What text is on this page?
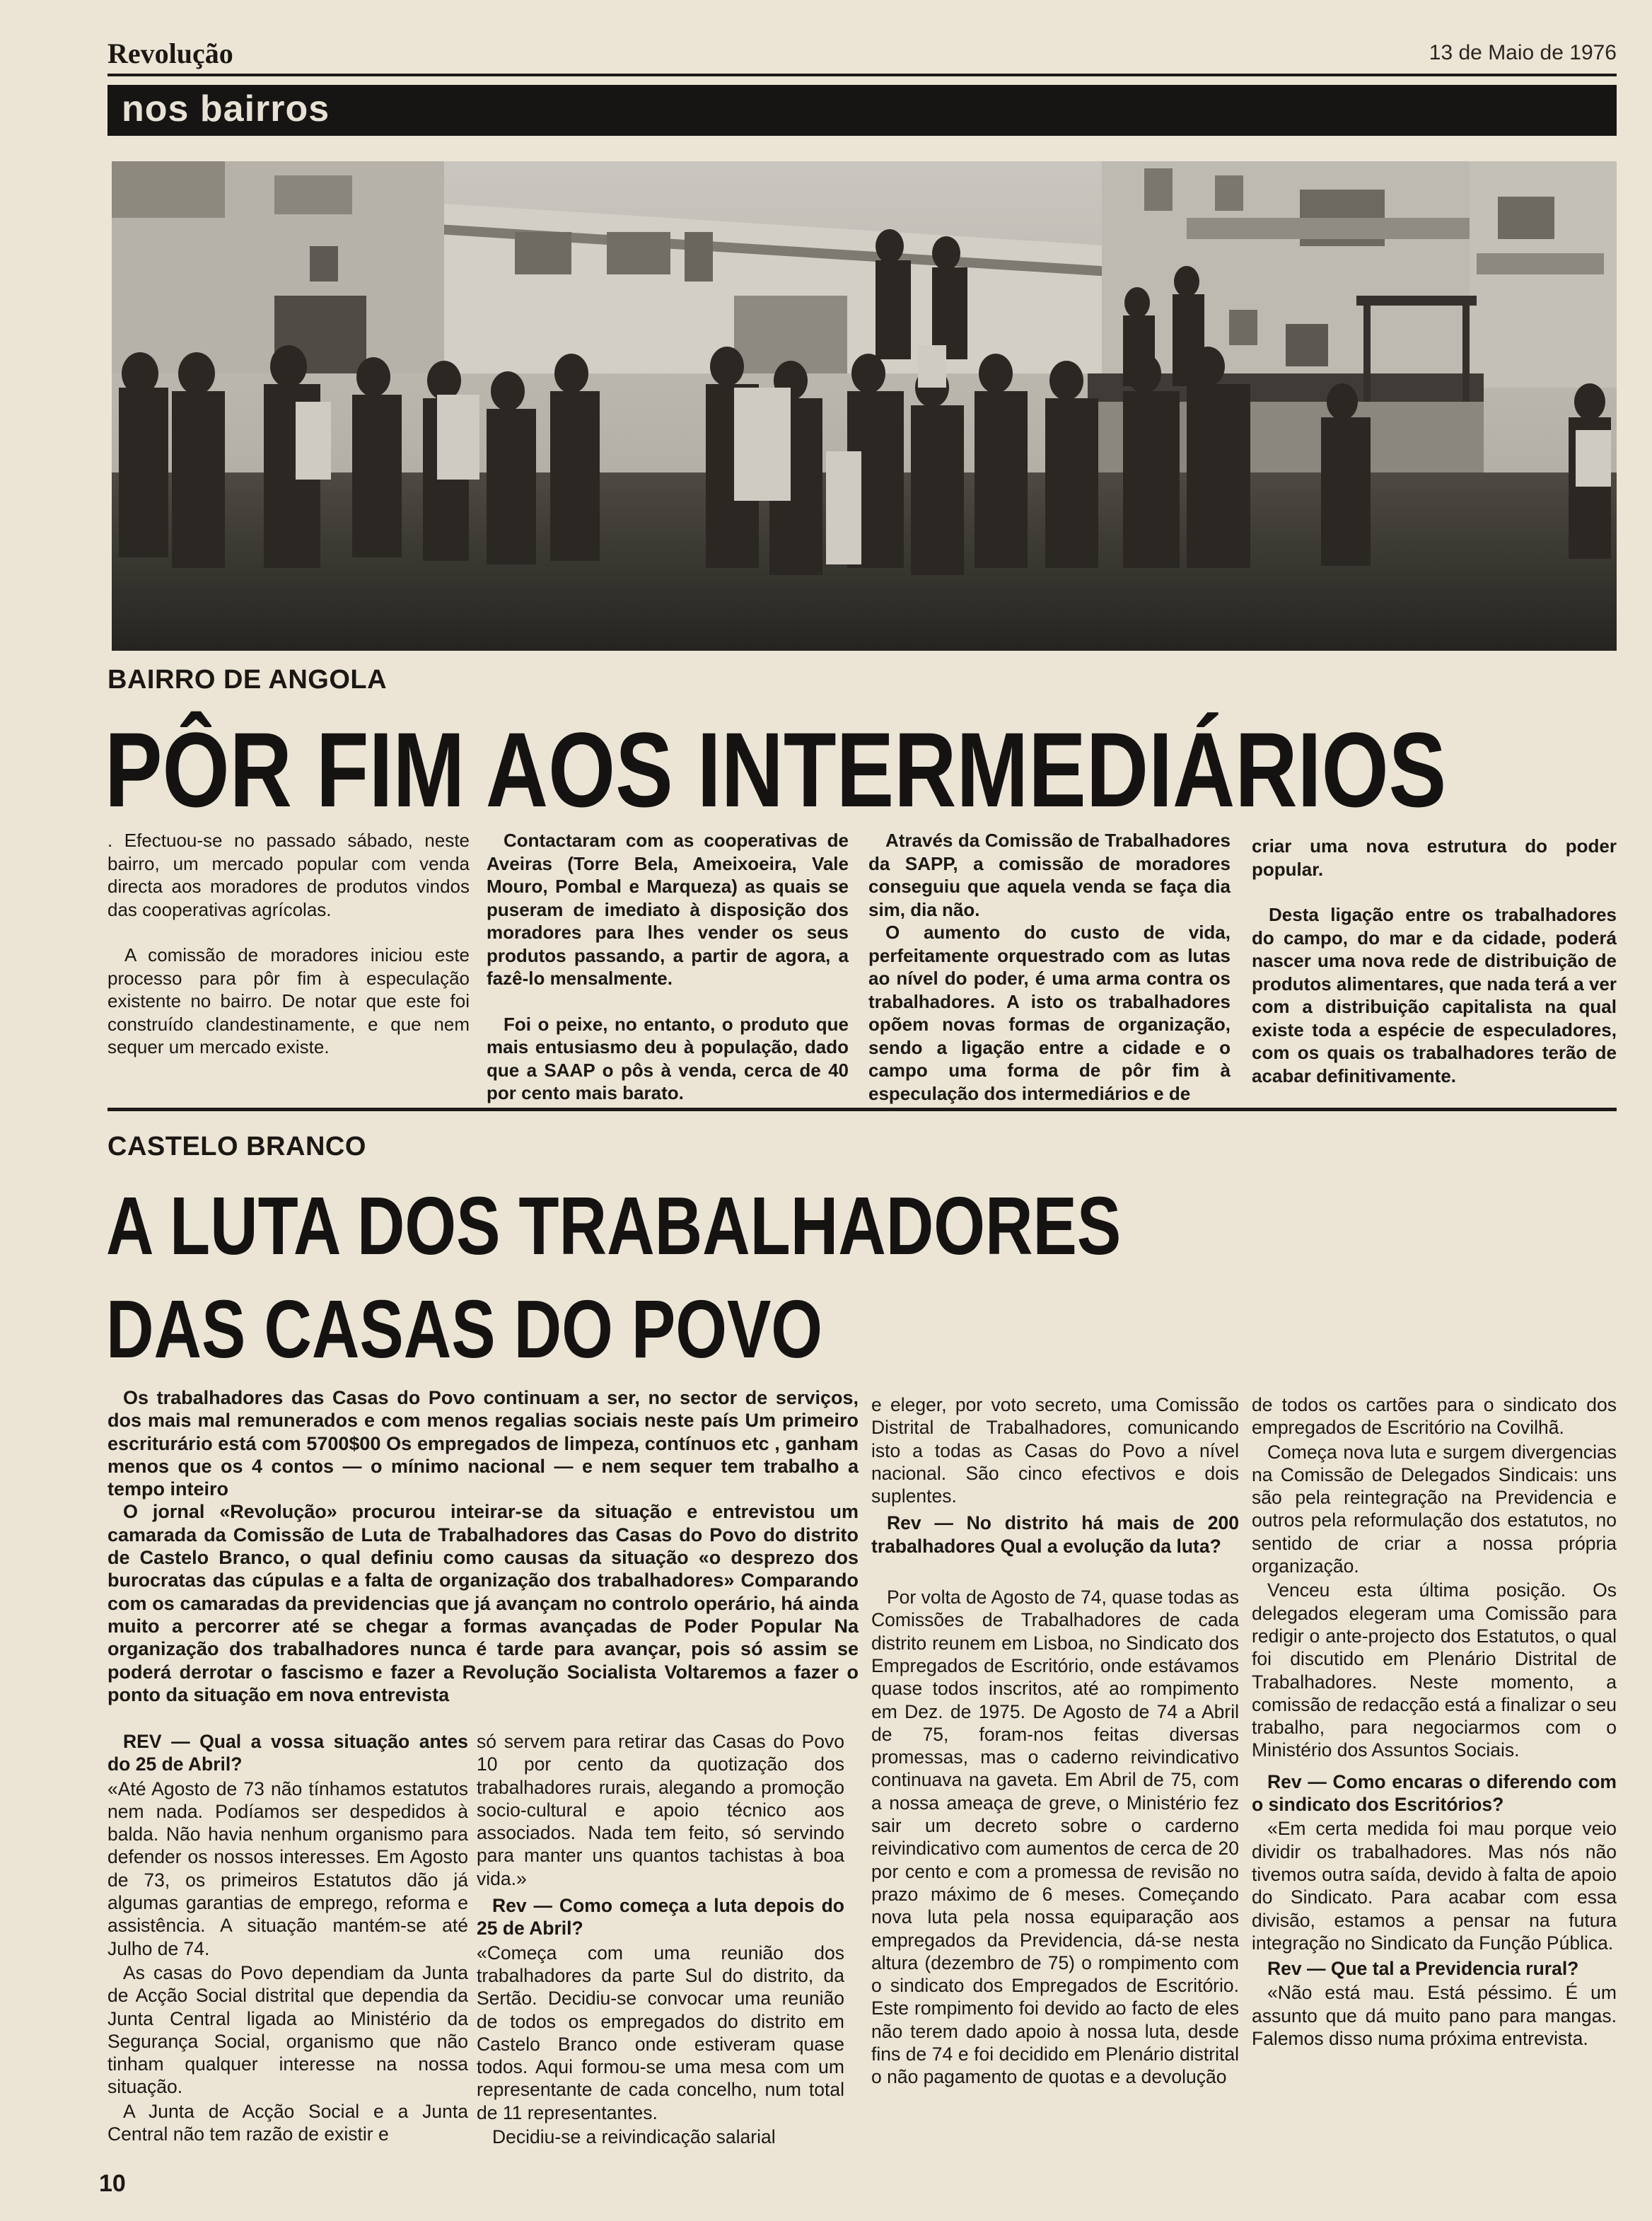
Revolução	13 de Maio de 1976
nos bairros
BAIRRO DE ANGOLA
PÔR FIM AOS INTERMEDIÁRIOS

. Efectuou-se no passado sábado, neste bairro, um mercado popular com venda directa aos moradores de produtos vindos das cooperativas agrícolas.

A comissão de moradores iniciou este processo para pôr fim à especulação existente no bairro. De notar que este foi construído clandestinamente, e que nem sequer um mercado existe.

Contactaram com as cooperativas de Aveiras (Torre Bela, Ameixoeira, Vale Mouro, Pombal e Marqueza) as quais se puseram de imediato à disposição dos moradores para lhes vender os seus produtos passando, a partir de agora, a fazê-lo mensalmente.

Foi o peixe, no entanto, o produto que mais entusiasmo deu à população, dado que a SAAP o pôs à venda, cerca de 40 por cento mais barato.

Através da Comissão de Trabalhadores da SAPP, a comissão de moradores conseguiu que aquela venda se faça dia sim, dia não.

O aumento do custo de vida, perfeitamente orquestrado com as lutas ao nível do poder, é uma arma contra os trabalhadores. A isto os trabalhadores opõem novas formas de organização, sendo a ligação entre a cidade e o campo uma forma de pôr fim à especulação dos intermediários e de

criar uma nova estrutura do poder popular.

Desta ligação entre os trabalhadores do campo, do mar e da cidade, poderá nascer uma nova rede de distribuição de produtos alimentares, que nada terá a ver com a distribuição capitalista na qual existe toda a espécie de especuladores, com os quais os trabalhadores terão de acabar definitivamente.

CASTELO BRANCO
A LUTA DOS TRABALHADORES
DAS CASAS DO POVO

Os trabalhadores das Casas do Povo continuam a ser, no sector de serviços, dos mais mal remunerados e com menos regalias sociais neste país Um primeiro escriturário está com 5700$00 Os empregados de limpeza, contínuos etc , ganham menos que os 4 contos — o mínimo nacional — e nem sequer tem trabalho a tempo inteiro

O jornal «Revolução» procurou inteirar-se da situação e entrevistou um camarada da Comissão de Luta de Trabalhadores das Casas do Povo do distrito de Castelo Branco, o qual definiu como causas da situação «o desprezo dos burocratas das cúpulas e a falta de organização dos trabalhadores» Comparando com os camaradas da previdencias que já avançam no controlo operário, há ainda muito a percorrer até se chegar a formas avançadas de Poder Popular Na organização dos trabalhadores nunca é tarde para avançar, pois só assim se poderá derrotar o fascismo e fazer a Revolução Socialista Voltaremos a fazer o ponto da situação em nova entrevista

REV — Qual a vossa situação antes do 25 de Abril?

«Até Agosto de 73 não tínhamos estatutos nem nada. Podíamos ser despedidos à balda. Não havia nenhum organismo para defender os nossos interesses. Em Agosto de 73, os primeiros Estatutos dão já algumas garantias de emprego, reforma e assistência. A situação mantém-se até Julho de 74.

As casas do Povo dependiam da Junta de Acção Social distrital que dependia da Junta Central ligada ao Ministério da Segurança Social, organismo que não tinham qualquer interesse na nossa situação.

A Junta de Acção Social e a Junta Central não tem razão de existir e

só servem para retirar das Casas do Povo 10 por cento da quotização dos trabalhadores rurais, alegando a promoção socio-cultural e apoio técnico aos associados. Nada tem feito, só servindo para manter uns quantos tachistas à boa vida.»

Rev — Como começa a luta depois do 25 de Abril?

«Começa com uma reunião dos trabalhadores da parte Sul do distrito, da Sertão. Decidiu-se convocar uma reunião de todos os empregados do distrito em Castelo Branco onde estiveram quase todos. Aqui formou-se uma mesa com um representante de cada concelho, num total de 11 representantes.

Decidiu-se a reivindicação salarial

e eleger, por voto secreto, uma Comissão Distrital de Trabalhadores, comunicando isto a todas as Casas do Povo a nível nacional. São cinco efectivos e dois suplentes.

Rev — No distrito há mais de 200 trabalhadores Qual a evolução da luta?

Por volta de Agosto de 74, quase todas as Comissões de Trabalhadores de cada distrito reunem em Lisboa, no Sindicato dos Empregados de Escritório, onde estávamos quase todos inscritos, até ao rompimento em Dez. de 1975. De Agosto de 74 a Abril de 75, foram-nos feitas diversas promessas, mas o caderno reivindicativo continuava na gaveta. Em Abril de 75, com a nossa ameaça de greve, o Ministério fez sair um decreto sobre o carderno reivindicativo com aumentos de cerca de 20 por cento e com a promessa de revisão no prazo máximo de 6 meses. Começando nova luta pela nossa equiparação aos empregados da Previdencia, dá-se nesta altura (dezembro de 75) o rompimento com o sindicato dos Empregados de Escritório. Este rompimento foi devido ao facto de eles não terem dado apoio à nossa luta, desde fins de 74 e foi decidido em Plenário distrital o não pagamento de quotas e a devolução

de todos os cartões para o sindicato dos empregados de Escritório na Covilhã.

Começa nova luta e surgem divergencias na Comissão de Delegados Sindicais: uns são pela reintegração na Previdencia e outros pela reformulação dos estatutos, no sentido de criar a nossa própria organização.

Venceu esta última posição. Os delegados elegeram uma Comissão para redigir o ante-projecto dos Estatutos, o qual foi discutido em Plenário Distrital de Trabalhadores. Neste momento, a comissão de redacção está a finalizar o seu trabalho, para negociarmos com o Ministério dos Assuntos Sociais.

Rev — Como encaras o diferendo com o sindicato dos Escritórios?

«Em certa medida foi mau porque veio dividir os trabalhadores. Mas nós não tivemos outra saída, devido à falta de apoio do Sindicato. Para acabar com essa divisão, estamos a pensar na futura integração no Sindicato da Função Pública.

Rev — Que tal a Previdencia rural?

«Não está mau. Está péssimo. É um assunto que dá muito pano para mangas. Falemos disso numa próxima entrevista.

10
